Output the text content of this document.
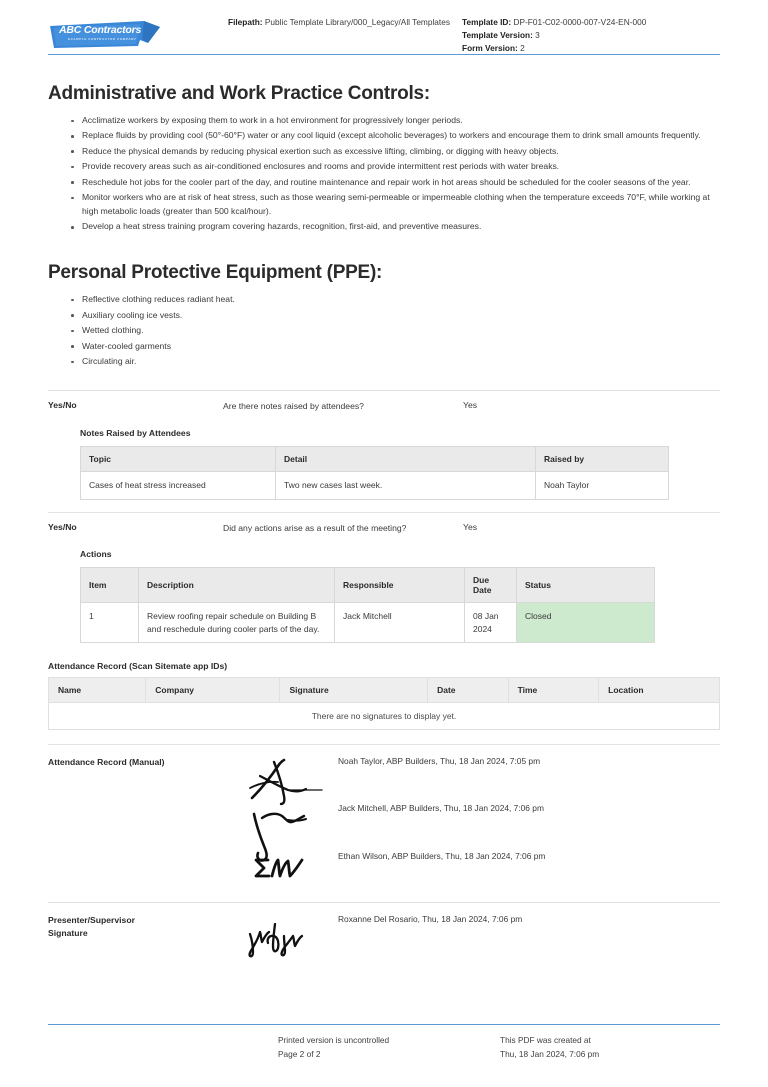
ABC Contractors
EXAMPLE CONTRACTOR COMPANY
Filepath: Public Template Library/000_Legacy/All Templates	Template ID: DP-F01-C02-0000-007-V24-EN-000
Template Version: 3
Form Version: 2
Administrative and Work Practice Controls:
Acclimatize workers by exposing them to work in a hot environment for progressively longer periods.
Replace fluids by providing cool (50°-60°F) water or any cool liquid (except alcoholic beverages) to workers and encourage them to drink small amounts frequently.
Reduce the physical demands by reducing physical exertion such as excessive lifting, climbing, or digging with heavy objects.
Provide recovery areas such as air-conditioned enclosures and rooms and provide intermittent rest periods with water breaks.
Reschedule hot jobs for the cooler part of the day, and routine maintenance and repair work in hot areas should be scheduled for the cooler seasons of the year.
Monitor workers who are at risk of heat stress, such as those wearing semi-permeable or impermeable clothing when the temperature exceeds 70°F, while working at high metabolic loads (greater than 500 kcal/hour).
Develop a heat stress training program covering hazards, recognition, first-aid, and preventive measures.
Personal Protective Equipment (PPE):
Reflective clothing reduces radiant heat.
Auxiliary cooling ice vests.
Wetted clothing.
Water-cooled garments
Circulating air.
Yes/No	Are there notes raised by attendees?	Yes
Notes Raised by Attendees
Topic	Detail	Raised by
Cases of heat stress increased	Two new cases last week.	Noah Taylor
Yes/No	Did any actions arise as a result of the meeting?	Yes
Actions
Item	Description	Responsible	Due Date	Status
1	Review roofing repair schedule on Building B and reschedule during cooler parts of the day.	Jack Mitchell	08 Jan 2024	Closed
Attendance Record (Scan Sitemate app IDs)
Name	Company	Signature	Date	Time	Location
There are no signatures to display yet.
Attendance Record (Manual)	Noah Taylor, ABP Builders, Thu, 18 Jan 2024, 7:05 pm
Jack Mitchell, ABP Builders, Thu, 18 Jan 2024, 7:06 pm
Ethan Wilson, ABP Builders, Thu, 18 Jan 2024, 7:06 pm
Presenter/Supervisor
Signature
Roxanne Del Rosario, Thu, 18 Jan 2024, 7:06 pm
Printed version is uncontrolled
Page 2 of 2
This PDF was created at
Thu, 18 Jan 2024, 7:06 pm
